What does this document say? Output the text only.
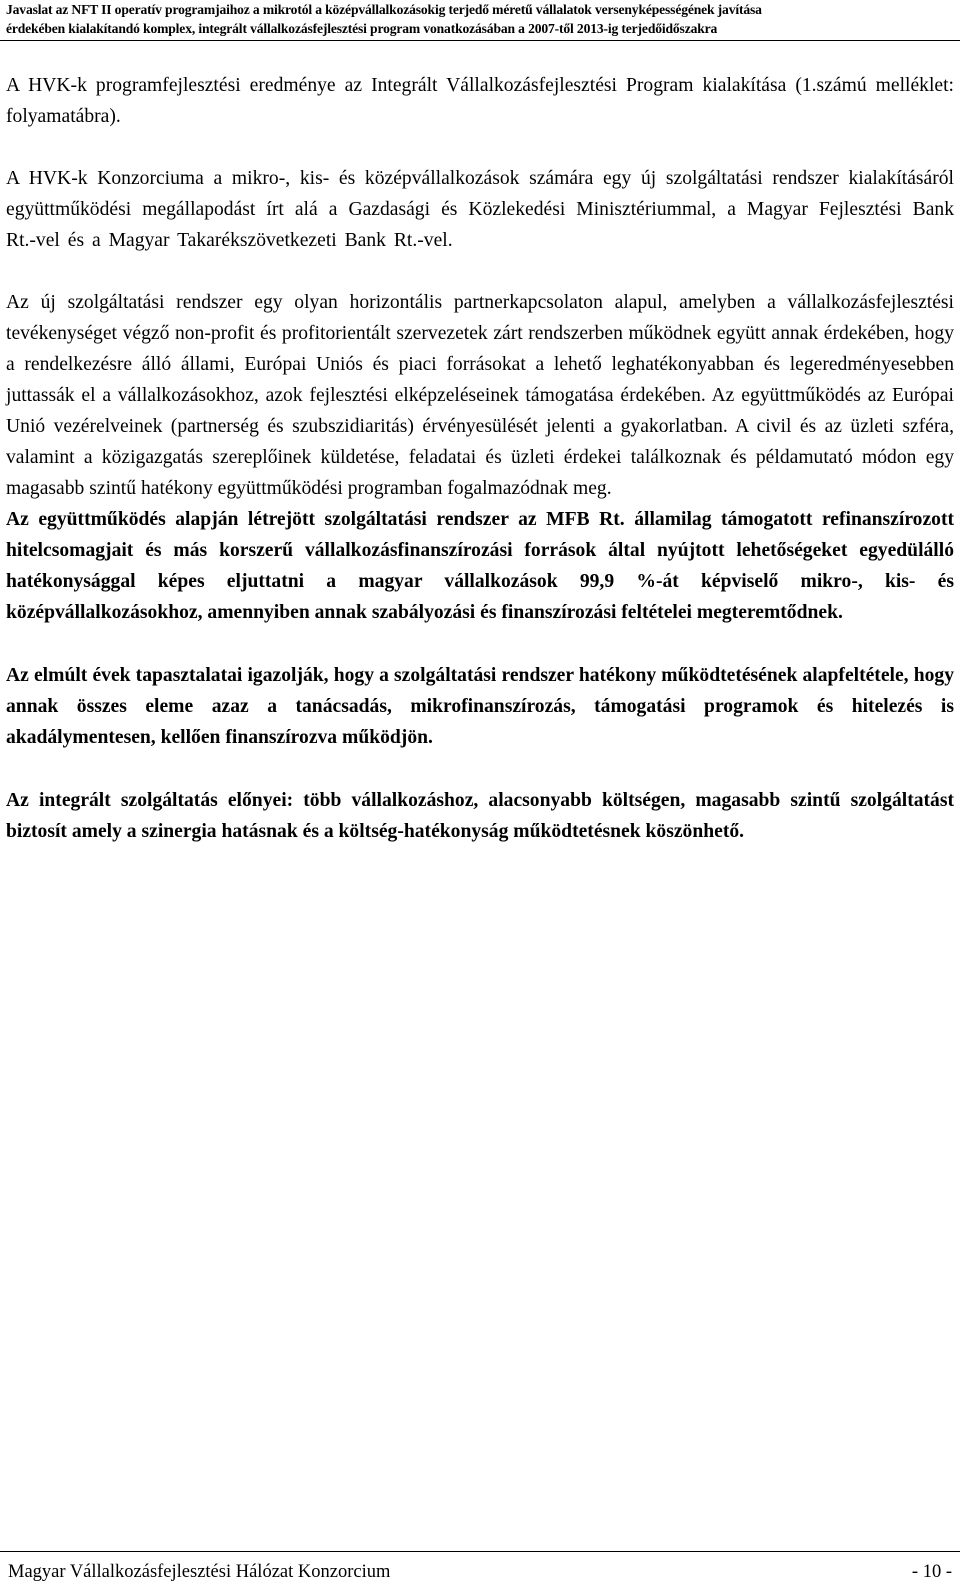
Javaslat az NFT II operatív programjaihoz a mikrotól a középvállalkozásokig terjedő méretű vállalatok versenyképességének javítása
érdekében kialakítandó komplex, integrált vállalkozásfejlesztési program vonatkozásában a 2007-től 2013-ig terjedőidőszakra

A HVK-k programfejlesztési eredménye az Integrált Vállalkozásfejlesztési Program kialakítása (1.számú melléklet: folyamatábra).

A HVK-k Konzorciuma a mikro-, kis- és középvállalkozások számára egy új szolgáltatási rendszer kialakításáról együttműködési megállapodást írt alá a Gazdasági és Közlekedési Minisztériummal, a Magyar Fejlesztési Bank Rt.-vel és a Magyar Takarékszövetkezeti Bank Rt.-vel.

Az új szolgáltatási rendszer egy olyan horizontális partnerkapcsolaton alapul, amelyben a vállalkozásfejlesztési tevékenységet végző non-profit és profitorientált szervezetek zárt rendszerben működnek együtt annak érdekében, hogy a rendelkezésre álló állami, Európai Uniós és piaci forrásokat a lehető leghatékonyabban és legeredményesebben juttassák el a vállalkozásokhoz, azok fejlesztési elképzeléseinek támogatása érdekében. Az együttműködés az Európai Unió vezérelveinek (partnerség és szubszidiaritás) érvényesülését jelenti a gyakorlatban. A civil és az üzleti szféra, valamint a közigazgatás szereplőinek küldetése, feladatai és üzleti érdekei találkoznak és példamutató módon egy magasabb szintű hatékony együttműködési programban fogalmazódnak meg.

Az együttműködés alapján létrejött szolgáltatási rendszer az MFB Rt. államilag támogatott refinanszírozott hitelcsomagjait és más korszerű vállalkozásfinanszírozási források által nyújtott lehetőségeket egyedülálló hatékonysággal képes eljuttatni a magyar vállalkozások 99,9 %-át képviselő mikro-, kis- és középvállalkozásokhoz, amennyiben annak szabályozási és finanszírozási feltételei megteremtődnek.

Az elmúlt évek tapasztalatai igazolják, hogy a szolgáltatási rendszer hatékony működtetésének alapfeltétele, hogy annak összes eleme azaz a tanácsadás, mikrofinanszírozás, támogatási programok és hitelezés is akadálymentesen, kellően finanszírozva működjön.

Az integrált szolgáltatás előnyei: több vállalkozáshoz, alacsonyabb költségen, magasabb szintű szolgáltatást biztosít amely a szinergia hatásnak és a költség-hatékonyság működtetésnek köszönhető.

Magyar Vállalkozásfejlesztési Hálózat Konzorcium	- 10 -
